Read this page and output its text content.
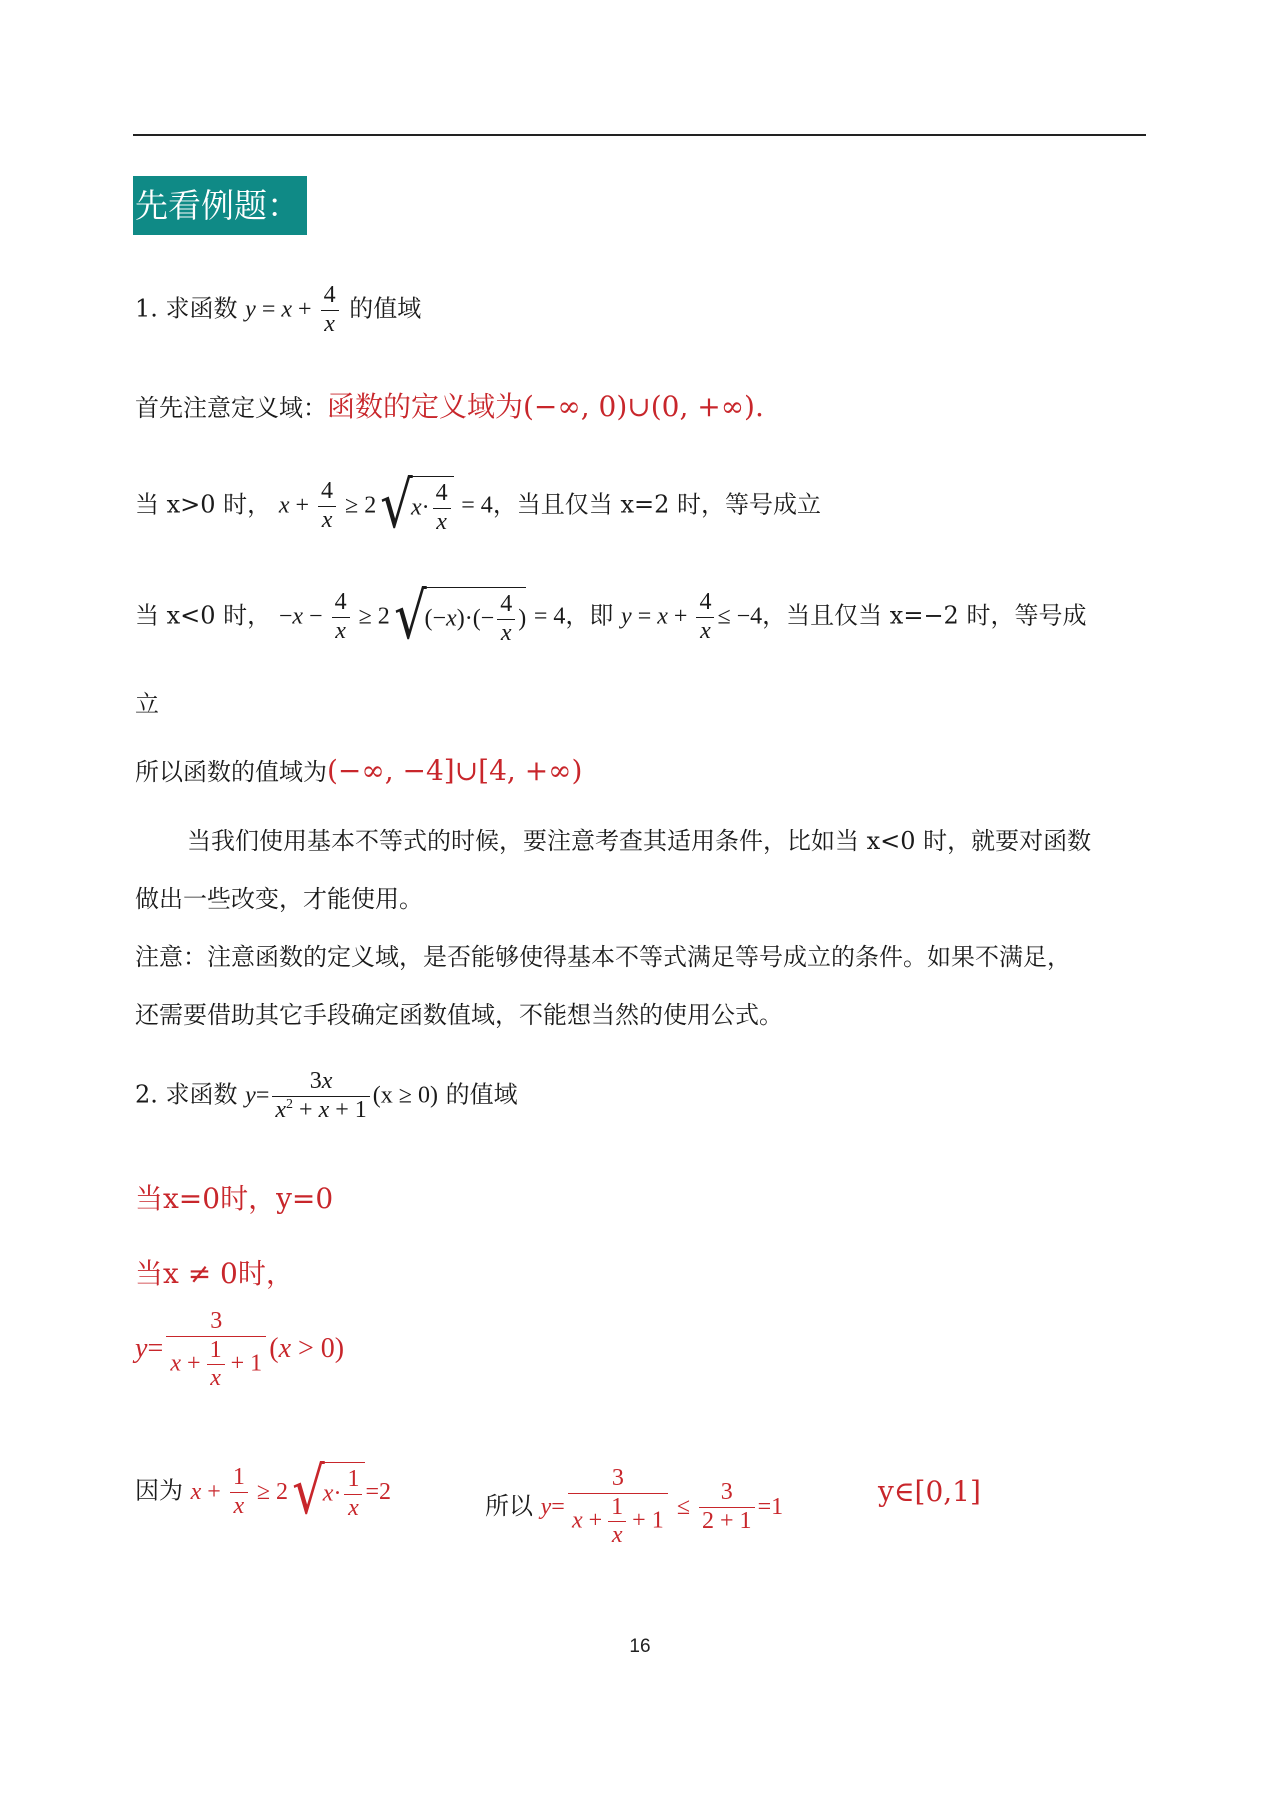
先看例题：
1. 求函数 $y = x + \frac{4}{x}$ 的值域
首先注意定义域：函数的定义域为(−∞, 0)∪(0, +∞).
当 x>0 时， $x + \frac{4}{x} \ge 2√x\cdot \frac{4}{x} = 4$，当且仅当 x=2 时，等号成立
当 x<0 时， $-x - \frac{4}{x} \ge 2√(-x)\cdot(- \frac{4}{x}$ ) = 4，即 $y = x + \frac{4}{x} \le -4$，当且仅当 x=−2 时，等号成
立
所以函数的值域为(−∞, −4]∪[4, +∞)
当我们使用基本不等式的时候，要注意考查其适用条件，比如当 x<0 时，就要对函数
做出一些改变，才能使用。
注意：注意函数的定义域，是否能够使得基本不等式满足等号成立的条件。如果不满足，
还需要借助其它手段确定函数值域，不能想当然的使用公式。
2. 求函数 $y= \frac{3x}{x^2 + x + 1} (x \ge 0)$ 的值域
当x=0时，y=0
当x ≠ 0时，
$y= \frac{3}{x + \frac{1}{x} + 1} (x > 0)$
因为 $x + \frac{1}{x} \ge 2√x\cdot \frac{1}{x} =2$
所以 $y= \frac{3}{x + \frac{1}{x} + 1} \le \frac{3}{2 + 1} =1$	y∈[0,1]
16
